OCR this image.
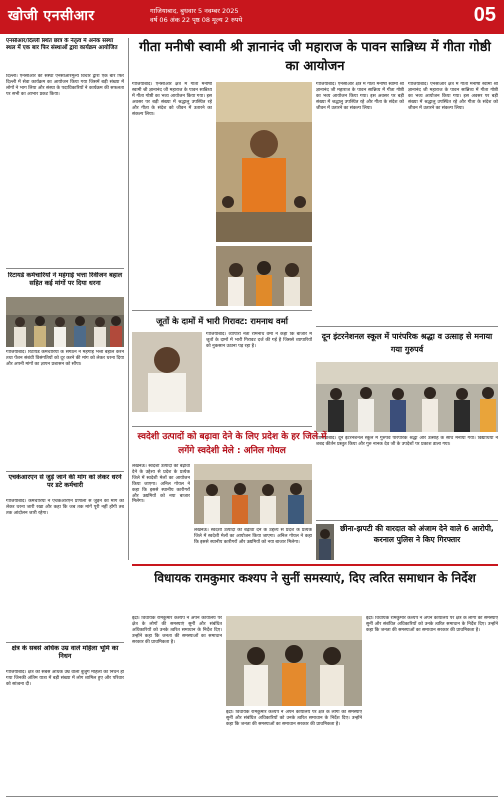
खोजी एनसीआर	गाजियाबाद, बुधवार 5 नवम्बर 2025
वर्ष 06 अंक 22 पृष्ठ 08 मूल्य 2 रुपये	05
एनसीआर/दिल्ली स्थित छात्र के नेतृत्व में अनेक संस्था स्थल में एक बार फिर संस्थाओं द्वारा कार्यक्रम आयोजित
दिल्ली। एनसीआर की संस्था एनसीआरमूल्य विचार द्वारा एक बार फिर दिल्ली में सेवा कार्यक्रम का आयोजन किया गया जिसमें बड़ी संख्या में लोगों ने भाग लिया और संस्था के पदाधिकारियों ने कार्यक्रम की सफलता पर सभी का आभार प्रकट किया।
रिटायर्ड कर्मचारियों ने महंगाई भत्ता रिवीजन बहाल सहित कई मांगों पर दिया धरना
गाजियाबाद। रिटायर्ड कर्मचारियों के संगठन ने महंगाई भत्ता बहाल करने तथा पेंशन संबंधी विसंगतियों को दूर करने की मांग को लेकर धरना दिया और अपनी मांगों का ज्ञापन प्रशासन को सौंपा।
एचकेआरएन से जुड़े जाने की मांग को लेकर धरने पर डटे कर्मचारी
गाजियाबाद। कर्मचारियों ने एचकेआरएन प्रणाली से जुड़ने की मांग को लेकर धरना जारी रखा और कहा कि जब तक मांगें पूरी नहीं होंगी तब तक आंदोलन जारी रहेगा।
क्षेत्र के सबसे अधिक उम्र वाले महिला भूमि का निधन
गाजियाबाद। क्षेत्र की सबसे अधिक उम्र वाली बुजुर्ग महिला का निधन हो गया जिनकी अंतिम यात्रा में बड़ी संख्या में लोग शामिल हुए और परिवार को सांत्वना दी।
गीता मनीषी स्वामी श्री ज्ञानानंद जी महाराज के पावन सान्निध्य में गीता गोष्ठी का आयोजन
गाजियाबाद। एनसीआर क्षेत्र में गीता मनीषी स्वामी श्री ज्ञानानंद जी महाराज के पावन सान्निध्य में गीता गोष्ठी का भव्य आयोजन किया गया। इस अवसर पर बड़ी संख्या में श्रद्धालु उपस्थित रहे और गीता के संदेश को जीवन में उतारने का संकल्प लिया।
गाजियाबाद। एनसीआर क्षेत्र में गीता मनीषी स्वामी श्री ज्ञानानंद जी महाराज के पावन सान्निध्य में गीता गोष्ठी का भव्य आयोजन किया गया। इस अवसर पर बड़ी संख्या में श्रद्धालु उपस्थित रहे और गीता के संदेश को जीवन में उतारने का संकल्प लिया।
गाजियाबाद। एनसीआर क्षेत्र में गीता मनीषी स्वामी श्री ज्ञानानंद जी महाराज के पावन सान्निध्य में गीता गोष्ठी का भव्य आयोजन किया गया। इस अवसर पर बड़ी संख्या में श्रद्धालु उपस्थित रहे और गीता के संदेश को जीवन में उतारने का संकल्प लिया।
जूतों के दामों में भारी गिरावट: रामनाथ वर्मा
गाजियाबाद। व्यापारी नेता रामनाथ वर्मा ने कहा कि बाजार में जूतों के दामों में भारी गिरावट दर्ज की गई है जिससे व्यापारियों को नुकसान उठाना पड़ रहा है।
दून इंटरनेशनल स्कूल में पारंपरिक श्रद्धा व उत्साह से मनाया गया गुरुपर्व
गाजियाबाद। दून इंटरनेशनल स्कूल में गुरुपर्व पारंपरिक श्रद्धा और उत्साह के साथ मनाया गया। विद्यार्थियों ने शबद कीर्तन प्रस्तुत किया और गुरु नानक देव जी के उपदेशों पर प्रकाश डाला गया।
स्वदेशी उत्पादों को बढ़ावा देने के लिए प्रदेश के हर जिले में लगेंगे स्वदेशी मेले : अनिल गोयल
लखनऊ। स्वदेशी उत्पादों को बढ़ावा देने के उद्देश्य से प्रदेश के प्रत्येक जिले में स्वदेशी मेलों का आयोजन किया जाएगा। अनिल गोयल ने कहा कि इससे स्थानीय कारीगरों और उद्यमियों को नया बाजार मिलेगा।
लखनऊ। स्वदेशी उत्पादों को बढ़ावा देने के उद्देश्य से प्रदेश के प्रत्येक जिले में स्वदेशी मेलों का आयोजन किया जाएगा। अनिल गोयल ने कहा कि इससे स्थानीय कारीगरों और उद्यमियों को नया बाजार मिलेगा।
छीना-झपटी की वारदात को अंजाम देने वाले 6 आरोपी, करनाल पुलिस ने किए गिरफ्तार
विधायक रामकुमार कश्यप ने सुनीं समस्याएं, दिए त्वरित समाधान के निर्देश
इंद्री। विधायक रामकुमार कश्यप ने अपने कार्यालय पर क्षेत्र के लोगों की समस्याएं सुनीं और संबंधित अधिकारियों को उनके त्वरित समाधान के निर्देश दिए। उन्होंने कहा कि जनता की समस्याओं का समाधान सरकार की प्राथमिकता है।
इंद्री। विधायक रामकुमार कश्यप ने अपने कार्यालय पर क्षेत्र के लोगों की समस्याएं सुनीं और संबंधित अधिकारियों को उनके त्वरित समाधान के निर्देश दिए। उन्होंने कहा कि जनता की समस्याओं का समाधान सरकार की प्राथमिकता है।
इंद्री। विधायक रामकुमार कश्यप ने अपने कार्यालय पर क्षेत्र के लोगों की समस्याएं सुनीं और संबंधित अधिकारियों को उनके त्वरित समाधान के निर्देश दिए। उन्होंने कहा कि जनता की समस्याओं का समाधान सरकार की प्राथमिकता है।
